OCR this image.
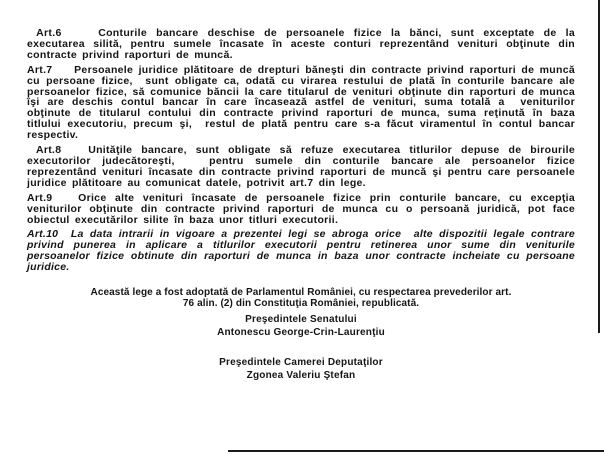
Art.6    Conturile bancare deschise de persoanele fizice la bănci, sunt exceptate de la executarea silită, pentru sumele încasate în aceste conturi reprezentând venituri obţinute din contracte privind raporturi de muncă.

Art.7    Persoanele juridice plătitoare de drepturi băneşti din contracte privind raporturi de muncă cu persoane fizice,  sunt obligate ca, odată cu virarea restului de plată în conturile bancare ale persoanelor fizice, să comunice băncii la care titularul de venituri obţinute din raporturi de munca îşi are deschis contul bancar în care încasează astfel de venituri, suma totală a  veniturilor obţinute de titularul contului din contracte privind raporturi de munca, suma reţinută în baza titlului executoriu, precum şi,  restul de plată pentru care s-a făcut viramentul în contul bancar respectiv.

Art.8   Unităţile bancare, sunt obligate să refuze executarea titlurilor depuse de birourile executorilor judecătoreşti,   pentru sumele din conturile bancare ale persoanelor fizice reprezentând venituri încasate din contracte privind raporturi de muncă şi pentru care persoanele juridice plătitoare au comunicat datele, potrivit art.7 din lege.

Art.9   Orice alte venituri încasate de persoanele fizice prin conturile bancare, cu excepţia veniturilor obţinute din contracte privind raporturi de munca cu o persoană juridică, pot face obiectul executărilor silite în baza unor titluri executorii.

Art.10  La data intrarii in vigoare a prezentei legi se abroga orice  alte dispozitii legale contrare privind punerea in aplicare a titlurilor executorii pentru retinerea unor sume din veniturile persoanelor fizice obtinute din raporturi de munca in baza unor contracte incheiate cu persoane juridice.

Această lege a fost adoptată de Parlamentul României, cu respectarea prevederilor art. 76 alin. (2) din Constituţia României, republicată.
Preşedintele Senatului
Antonescu George-Crin-Laurenţiu
Preşedintele Camerei Deputaţilor
Zgonea Valeriu Ştefan
